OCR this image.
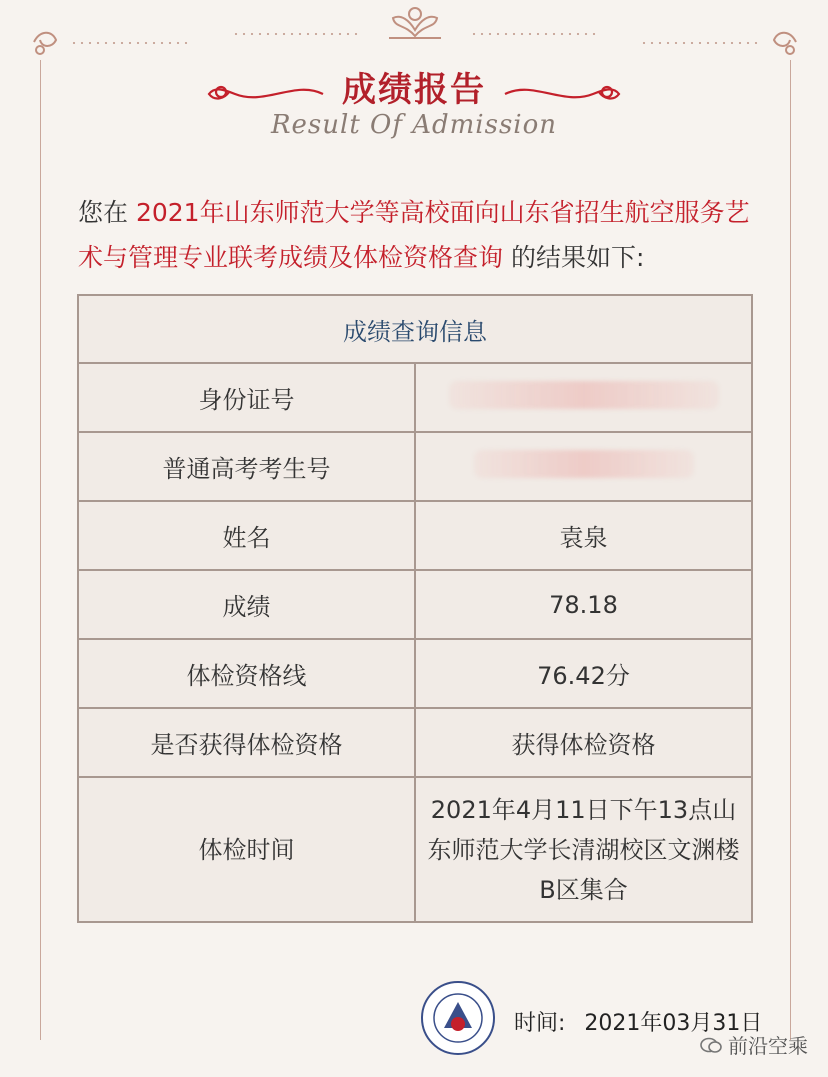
成绩报告
Result Of Admission
您在 2021年山东师范大学等高校面向山东省招生航空服务艺术与管理专业联考成绩及体检资格查询 的结果如下:
成绩查询信息	
身份证号	
普通高考考生号	
姓名	袁泉
成绩	78.18
体检资格线	76.42分
是否获得体检资格	获得体检资格
体检时间	2021年4月11日下午13点山东师范大学长清湖校区文渊楼B区集合
时间: 2021年03月31日
前沿空乘
